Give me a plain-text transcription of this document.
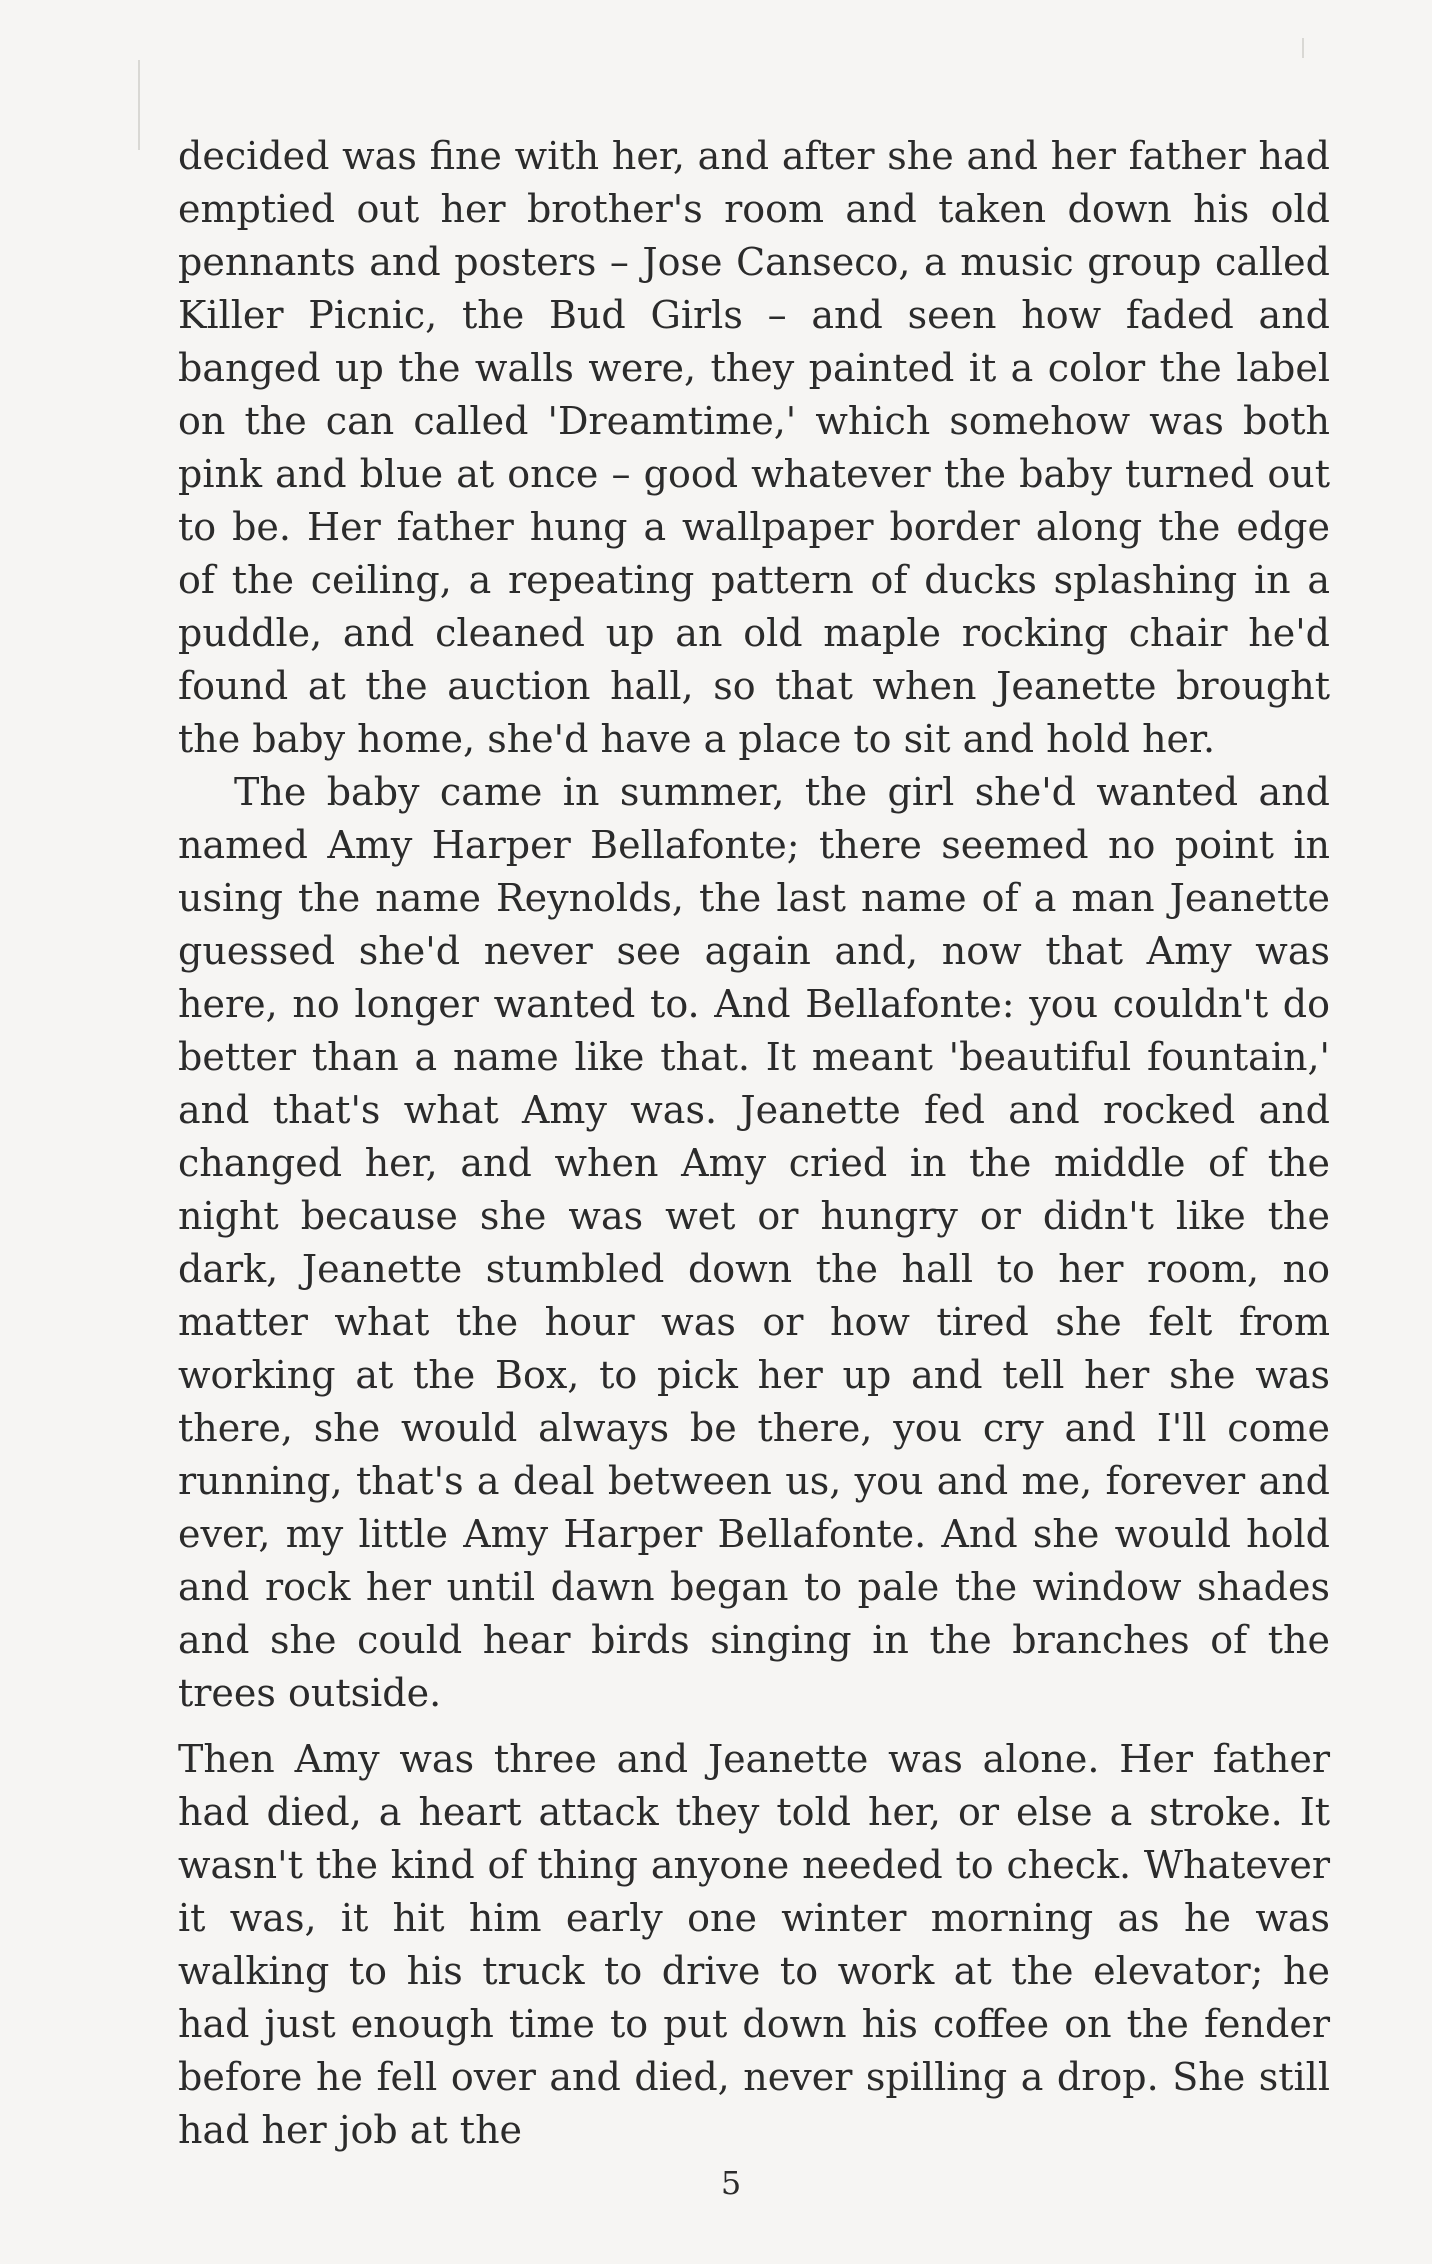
decided was fine with her, and after she and her father had emptied out her brother's room and taken down his old pennants and posters – Jose Canseco, a music group called Killer Picnic, the Bud Girls – and seen how faded and banged up the walls were, they painted it a color the label on the can called 'Dreamtime,' which somehow was both pink and blue at once – good whatever the baby turned out to be. Her father hung a wallpaper border along the edge of the ceiling, a repeating pattern of ducks splashing in a puddle, and cleaned up an old maple rocking chair he'd found at the auction hall, so that when Jeanette brought the baby home, she'd have a place to sit and hold her.

The baby came in summer, the girl she'd wanted and named Amy Harper Bellafonte; there seemed no point in using the name Reynolds, the last name of a man Jeanette guessed she'd never see again and, now that Amy was here, no longer wanted to. And Bellafonte: you couldn't do better than a name like that. It meant 'beautiful fountain,' and that's what Amy was. Jeanette fed and rocked and changed her, and when Amy cried in the middle of the night because she was wet or hungry or didn't like the dark, Jeanette stumbled down the hall to her room, no matter what the hour was or how tired she felt from working at the Box, to pick her up and tell her she was there, she would always be there, you cry and I'll come running, that's a deal between us, you and me, forever and ever, my little Amy Harper Bellafonte. And she would hold and rock her until dawn began to pale the window shades and she could hear birds singing in the branches of the trees outside.

Then Amy was three and Jeanette was alone. Her father had died, a heart attack they told her, or else a stroke. It wasn't the kind of thing anyone needed to check. Whatever it was, it hit him early one winter morning as he was walking to his truck to drive to work at the elevator; he had just enough time to put down his coffee on the fender before he fell over and died, never spilling a drop. She still had her job at the

5
